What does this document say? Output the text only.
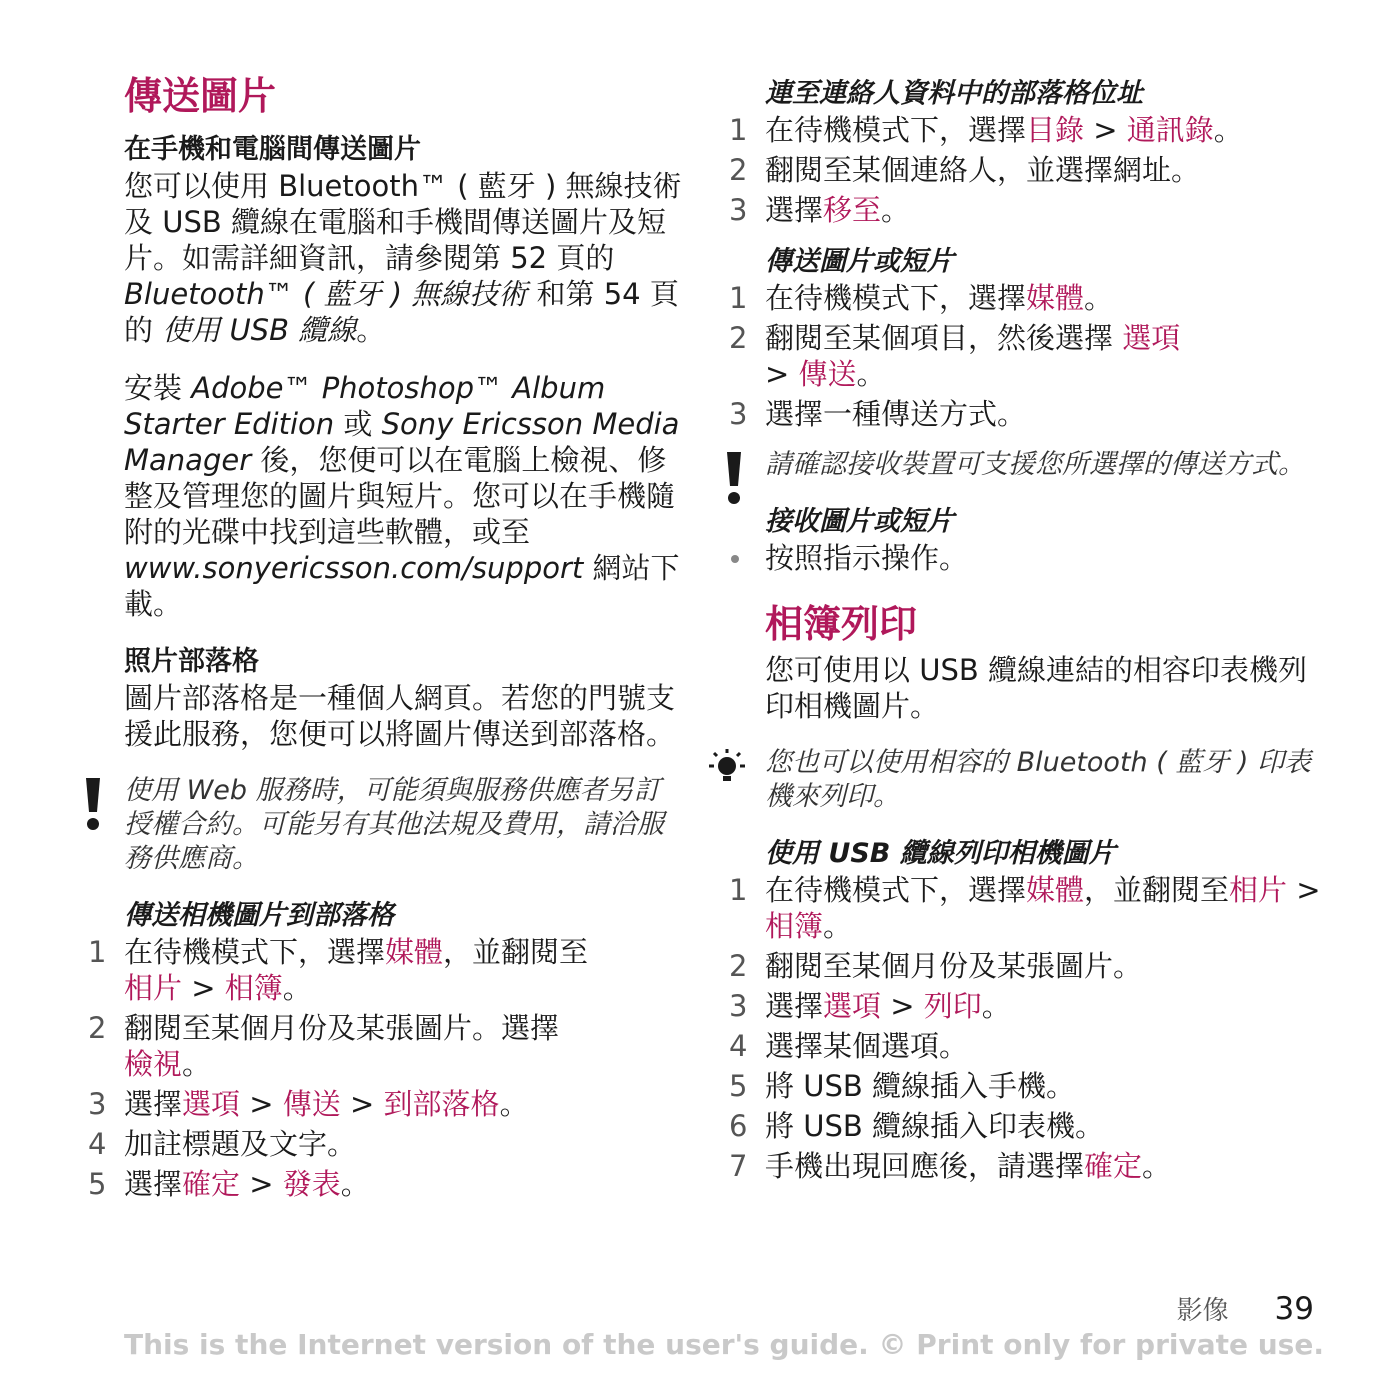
傳送圖片
在手機和電腦間傳送圖片

您可以使用 Bluetooth™ ( 藍牙 ) 無線技術及 USB 纜線在電腦和手機間傳送圖片及短片。如需詳細資訊，請參閱第 52 頁的 Bluetooth™ ( 藍牙 ) 無線技術 和第 54 頁的 使用 USB 纜線。

安裝 Adobe™ Photoshop™ Album Starter Edition 或 Sony Ericsson Media Manager 後，您便可以在電腦上檢視、修整及管理您的圖片與短片。您可以在手機隨附的光碟中找到這些軟體，或至 www.sonyericsson.com/support 網站下載。

照片部落格

圖片部落格是一種個人網頁。若您的門號支援此服務，您便可以將圖片傳送到部落格。

使用 Web 服務時，可能須與服務供應者另訂授權合約。可能另有其他法規及費用，請洽服務供應商。

傳送相機圖片到部落格
1 在待機模式下，選擇媒體，並翻閱至
相片 > 相簿。
2 翻閱至某個月份及某張圖片。選擇
檢視。
3 選擇選項 > 傳送 > 到部落格。
4 加註標題及文字。
5 選擇確定 > 發表。
連至連絡人資料中的部落格位址
1 在待機模式下，選擇目錄 > 通訊錄。
2 翻閱至某個連絡人，並選擇網址。
3 選擇移至。
傳送圖片或短片
1 在待機模式下，選擇媒體。
2 翻閱至某個項目，然後選擇 選項
> 傳送。
3 選擇一種傳送方式。

請確認接收裝置可支援您所選擇的傳送方式。

接收圖片或短片
按照指示操作。
相簿列印

您可使用以 USB 纜線連結的相容印表機列印相機圖片。

您也可以使用相容的 Bluetooth ( 藍牙 ) 印表機來列印。

使用 USB 纜線列印相機圖片
1 在待機模式下，選擇媒體，並翻閱至相片 > 相簿。
2 翻閱至某個月份及某張圖片。
3 選擇選項 > 列印。
4 選擇某個選項。
5 將 USB 纜線插入手機。
6 將 USB 纜線插入印表機。
7 手機出現回應後，請選擇確定。
影像 39
This is the Internet version of the user's guide. © Print only for private use.
